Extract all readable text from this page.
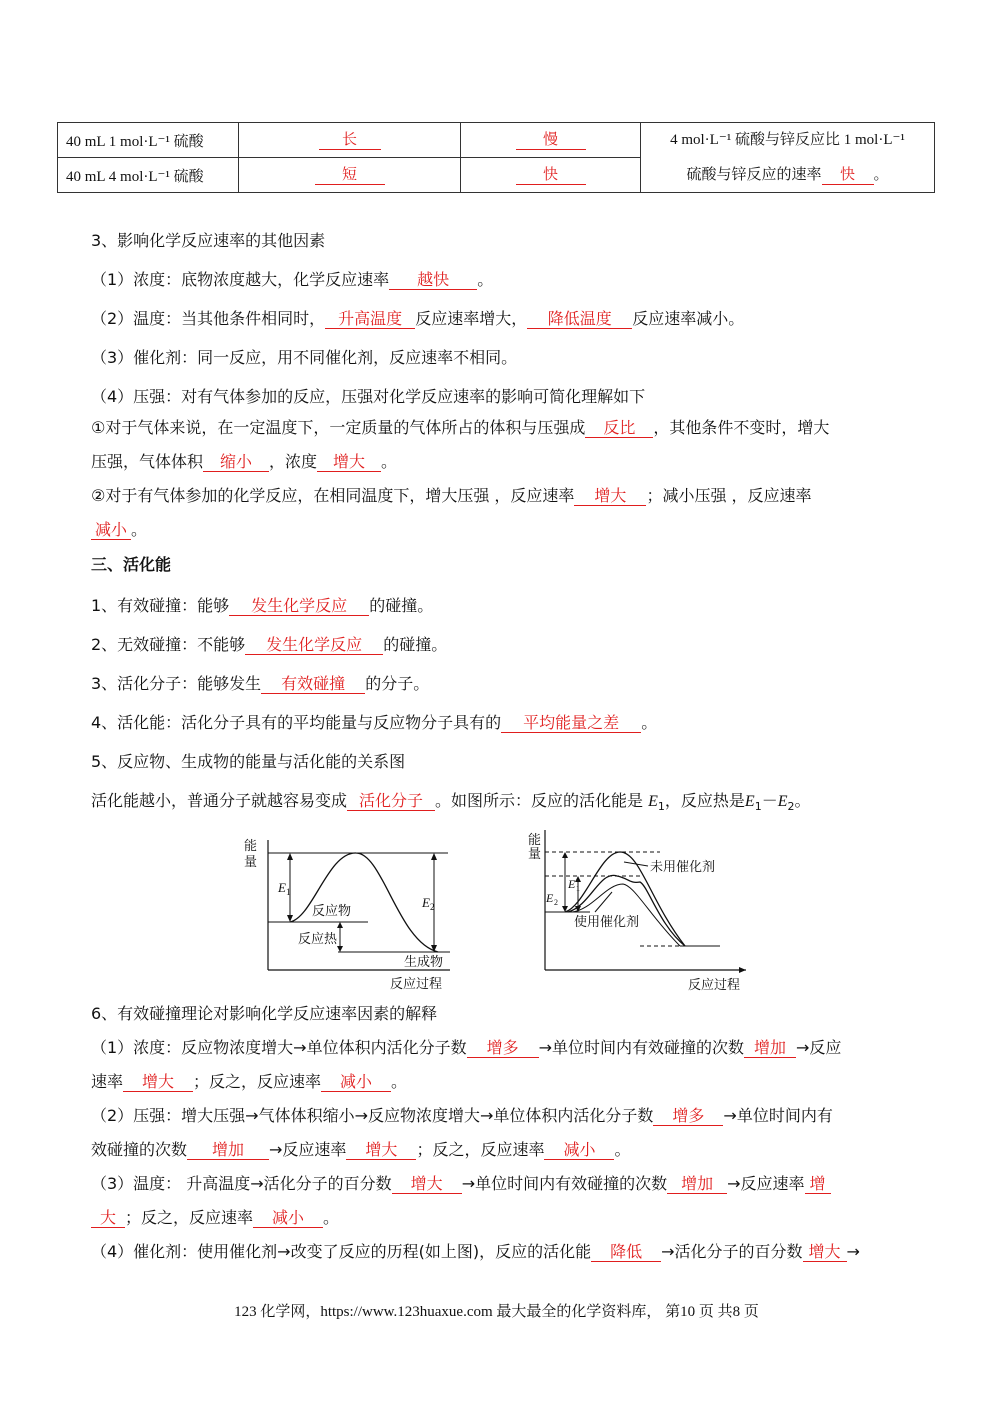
40 mL 1 mol·L⁻¹ 硫酸	长	慢	4 mol·L⁻¹ 硫酸与锌反应比 1 mol·L⁻¹
硫酸与锌反应的速率 快 。

40 mL 4 mol·L⁻¹ 硫酸	短	快	
3、影响化学反应速率的其他因素
（1）浓度：底物浓度越大，化学反应速率 越快 。
（2）温度：当其他条件相同时， 升高温度 反应速率增大， 降低温度 反应速率减小。
（3）催化剂：同一反应，用不同催化剂，反应速率不相同。
（4）压强：对有气体参加的反应，压强对化学反应速率的影响可简化理解如下
①对于气体来说，在一定温度下，一定质量的气体所占的体积与压强成 反比 ，其他条件不变时，增大
压强，气体体积 缩小 ，浓度 增大 。
②对于有气体参加的化学反应，在相同温度下，增大压强 ，反应速率 增大 ；减小压强 ，反应速率
减小 。
三、活化能
1、有效碰撞：能够 发生化学反应 的碰撞。
2、无效碰撞：不能够 发生化学反应 的碰撞。
3、活化分子：能够发生 有效碰撞 的分子。
4、活化能：活化分子具有的平均能量与反应物分子具有的 平均能量之差 。
5、反应物、生成物的能量与活化能的关系图
活化能越小，普通分子就越容易变成 活化分子 。如图所示：反应的活化能是 $E_1$，反应热是$E_1-E_2$。
能
量
E
E
1
2
反应物
反应热
生成物
反应过程
能
量
E
E
2
1
未用催化剂
使用催化剂
反应过程
6、有效碰撞理论对影响化学反应速率因素的解释
（1）浓度：反应物浓度增大→单位体积内活化分子数 增多 →单位时间内有效碰撞的次数 增加 →反应
速率 增大 ；反之，反应速率 减小 。
（2）压强：增大压强→气体体积缩小→反应物浓度增大→单位体积内活化分子数 增多 →单位时间内有
效碰撞的次数 增加 →反应速率 增大 ；反之，反应速率 减小 。
（3）温度： 升高温度→活化分子的百分数 增大 →单位时间内有效碰撞的次数 增加 →反应速率 增
大 ；反之，反应速率 减小 。
（4）催化剂：使用催化剂→改变了反应的历程(如上图)，反应的活化能 降低 →活化分子的百分数 增大 →
123 化学网，https://www.123huaxue.com 最大最全的化学资料库， 第10 页 共8 页
